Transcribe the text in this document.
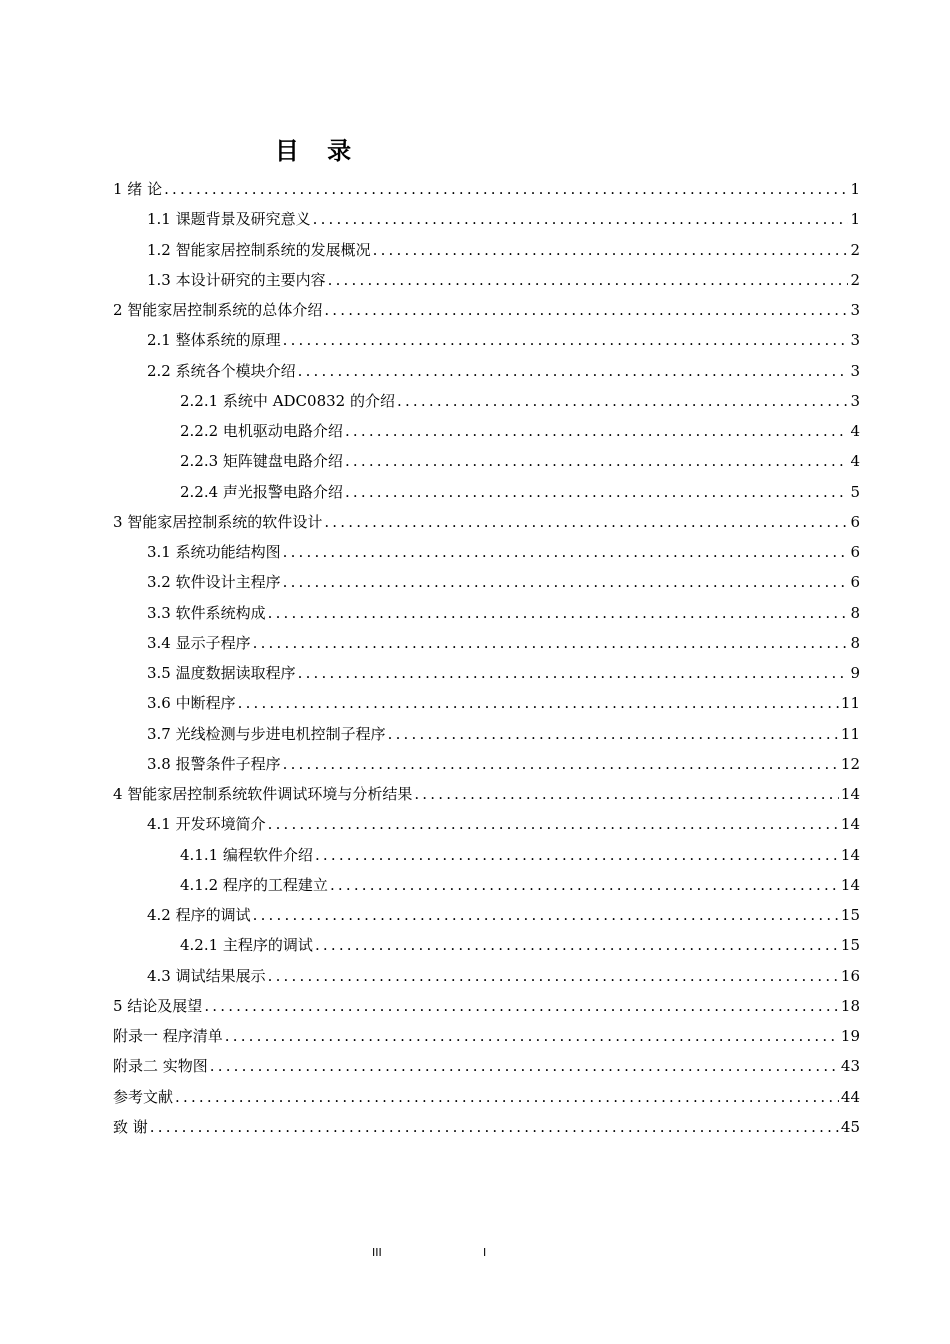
目 录
1 绪 论 .....	1
1.1 课题背景及研究意义 .....	1
1.2 智能家居控制系统的发展概况 .....	2
1.3 本设计研究的主要内容 .....	2
2 智能家居控制系统的总体介绍 .....	3
2.1 整体系统的原理 .....	3
2.2 系统各个模块介绍 .....	3
2.2.1 系统中 ADC0832 的介绍 .....	3
2.2.2 电机驱动电路介绍 .....	4
2.2.3 矩阵键盘电路介绍 .....	4
2.2.4 声光报警电路介绍 .....	5
3 智能家居控制系统的软件设计 .....	6
3.1 系统功能结构图 .....	6
3.2 软件设计主程序 .....	6
3.3 软件系统构成 .....	8
3.4 显示子程序 .....	8
3.5 温度数据读取程序 .....	9
3.6 中断程序 .....	11
3.7 光线检测与步进电机控制子程序 .....	11
3.8 报警条件子程序 .....	12
4 智能家居控制系统软件调试环境与分析结果 .....	14
4.1 开发环境简介 .....	14
4.1.1 编程软件介绍 .....	14
4.1.2 程序的工程建立 .....	14
4.2 程序的调试 .....	15
4.2.1 主程序的调试 .....	15
4.3 调试结果展示 .....	16
5 结论及展望 .....	18
附录一 程序清单 .....	19
附录二 实物图 .....	43
参考文献 .....	44
致 谢 .....	45
III	I
